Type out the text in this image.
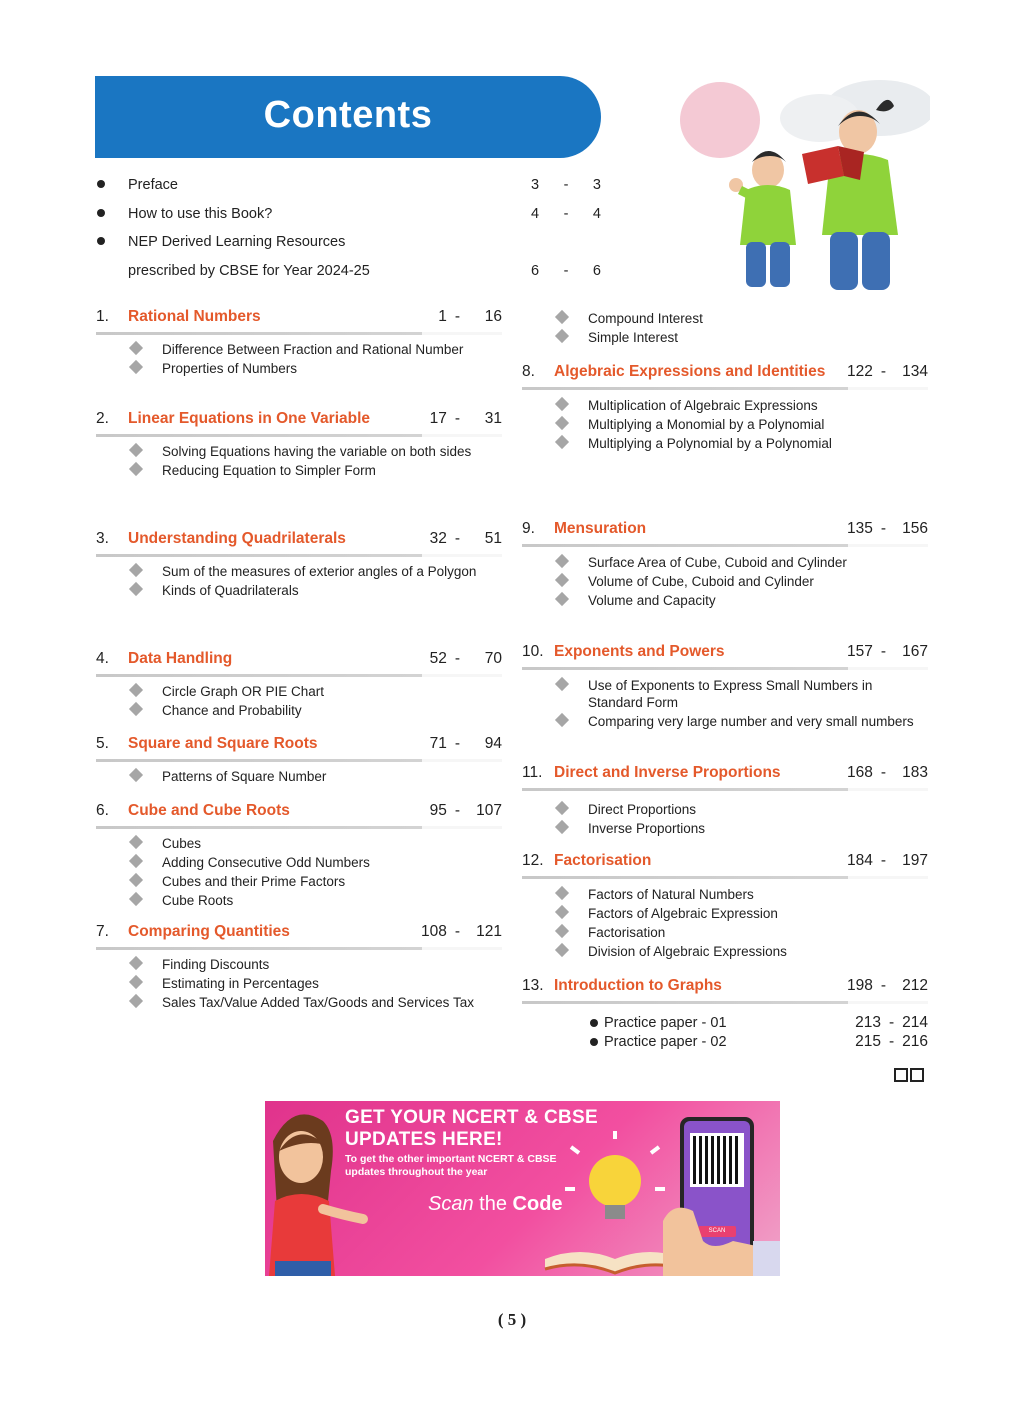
Contents
Preface	3 - 3
How to use this Book?	4 - 4
NEP Derived Learning Resources
prescribed by CBSE for Year 2024-25	6 - 6
1. Rational Numbers	1 -	16
Difference Between Fraction and Rational Number
Properties of Numbers
2. Linear Equations in One Variable	17 -	31
Solving Equations having the variable on both sides
Reducing Equation to Simpler Form
3. Understanding Quadrilaterals	32 -	51
Sum of the measures of exterior angles of a Polygon
Kinds of Quadrilaterals
4. Data Handling	52 -	70
Circle Graph OR PIE Chart
Chance and Probability
5. Square and Square Roots	71 -	94
Patterns of Square Number
6. Cube and Cube Roots	95 -	107
Cubes
Adding Consecutive Odd Numbers
Cubes and their Prime Factors
Cube Roots
7. Comparing Quantities	108 -	121
Finding Discounts
Estimating in Percentages
Sales Tax/Value Added Tax/Goods and Services Tax
Compound Interest
Simple Interest
8. Algebraic Expressions and Identities 122 -	134
Multiplication of Algebraic Expressions
Multiplying a Monomial by a Polynomial
Multiplying a Polynomial by a Polynomial
9. Mensuration	135 -	156
Surface Area of Cube, Cuboid and Cylinder
Volume of Cube, Cuboid and Cylinder
Volume and Capacity
10. Exponents and Powers	157 -	167
Use of Exponents to Express Small Numbers in Standard Form
Comparing very large number and very small numbers
11. Direct and Inverse Proportions	168 -	183
Direct Proportions
Inverse Proportions
12. Factorisation	184 -	197
Factors of Natural Numbers
Factors of Algebraic Expression
Factorisation
Division of Algebraic Expressions
13. Introduction to Graphs	198 -	212
Practice paper - 01	213 - 214
Practice paper - 02	215 - 216
GET YOUR NCERT & CBSE
UPDATES HERE!
To get the other important NCERT & CBSE
updates throughout the year
Scan the Code
SCAN
( 5 )
